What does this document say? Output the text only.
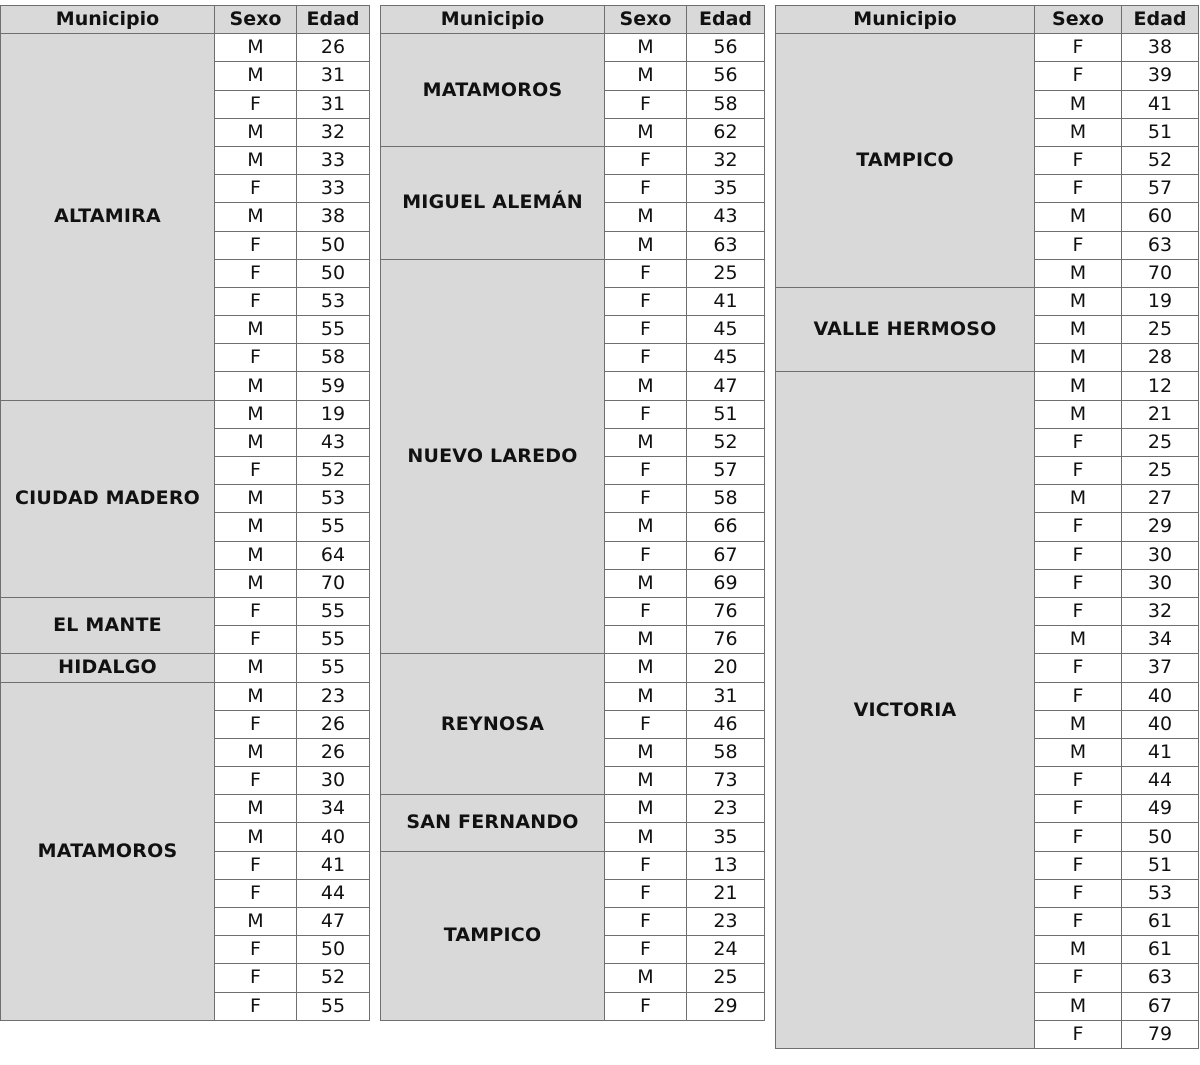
Municipio	Sexo	Edad
ALTAMIRA	M	26
	M	31
	F	31
	M	32
	M	33
	F	33
	M	38
	F	50
	F	50
	F	53
	M	55
	F	58
	M	59
CIUDAD MADERO	M	19
	M	43
	F	52
	M	53
	M	55
	M	64
	M	70
EL MANTE	F	55
	F	55
HIDALGO	M	55
MATAMOROS	M	23
	F	26
	M	26
	F	30
	M	34
	M	40
	F	41
	F	44
	M	47
	F	50
	F	52
	F	55
Municipio	Sexo	Edad
MATAMOROS	M	56
	M	56
	F	58
	M	62
MIGUEL ALEMÁN	F	32
	F	35
	M	43
	M	63
NUEVO LAREDO	F	25
	F	41
	F	45
	F	45
	M	47
	F	51
	M	52
	F	57
	F	58
	M	66
	F	67
	M	69
	F	76
	M	76
REYNOSA	M	20
	M	31
	F	46
	M	58
	M	73
SAN FERNANDO	M	23
	M	35
TAMPICO	F	13
	F	21
	F	23
	F	24
	M	25
	F	29
Municipio	Sexo	Edad
TAMPICO	F	38
	F	39
	M	41
	M	51
	F	52
	F	57
	M	60
	F	63
	M	70
VALLE HERMOSO	M	19
	M	25
	M	28
VICTORIA	M	12
	M	21
	F	25
	F	25
	M	27
	F	29
	F	30
	F	30
	F	32
	M	34
	F	37
	F	40
	M	40
	M	41
	F	44
	F	49
	F	50
	F	51
	F	53
	F	61
	M	61
	F	63
	M	67
	F	79
